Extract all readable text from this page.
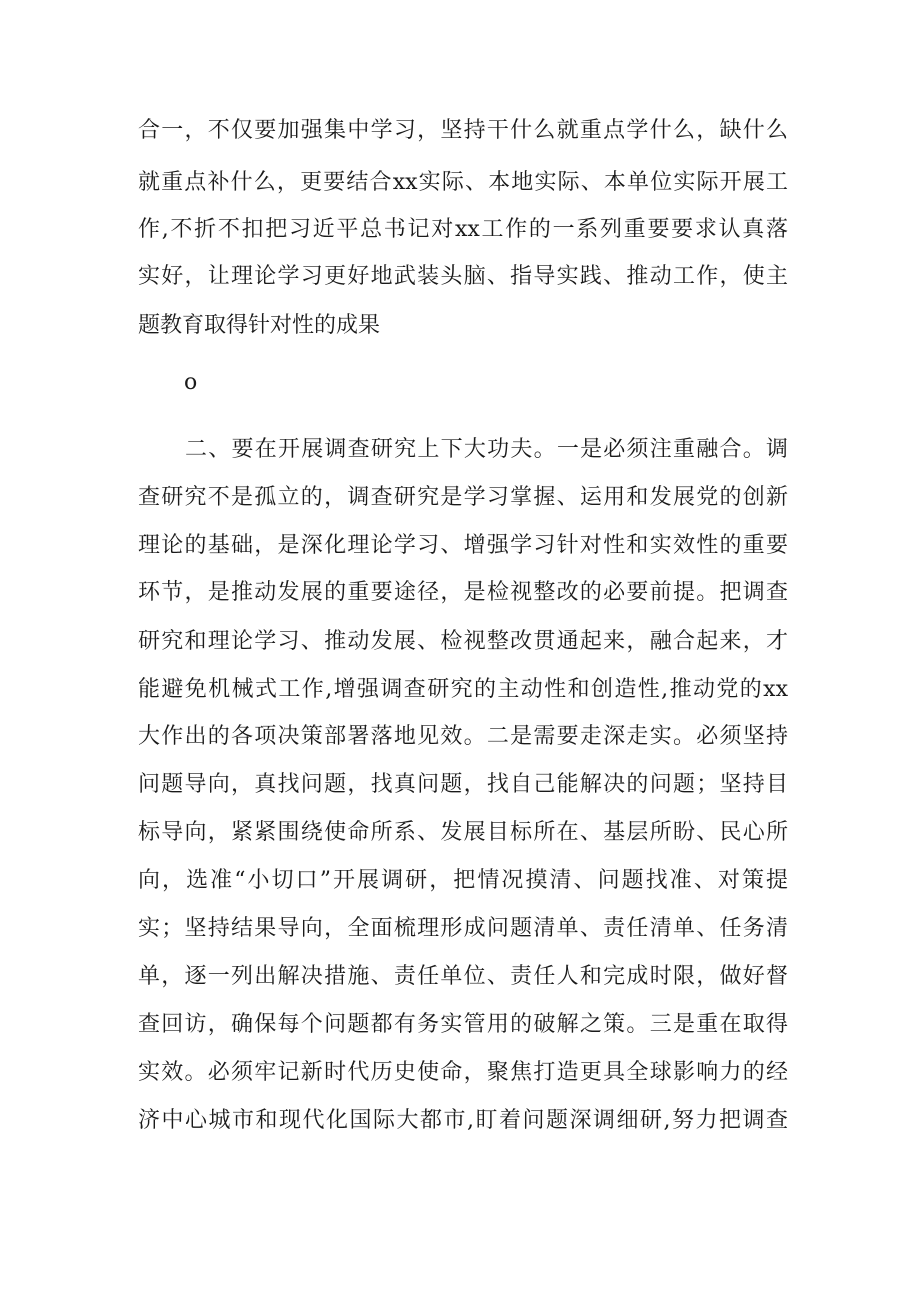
合一，不仅要加强集中学习，坚持干什么就重点学什么，缺什么
就重点补什么，更要结合xx实际、本地实际、本单位实际开展工
作,不折不扣把习近平总书记对xx工作的一系列重要要求认真落
实好，让理论学习更好地武装头脑、指导实践、推动工作，使主
题教育取得针对性的成果
o
二、要在开展调查研究上下大功夫。一是必须注重融合。调
查研究不是孤立的，调查研究是学习掌握、运用和发展党的创新
理论的基础，是深化理论学习、增强学习针对性和实效性的重要
环节，是推动发展的重要途径，是检视整改的必要前提。把调查
研究和理论学习、推动发展、检视整改贯通起来，融合起来，才
能避免机械式工作,增强调查研究的主动性和创造性,推动党的xx
大作出的各项决策部署落地见效。二是需要走深走实。必须坚持
问题导向，真找问题，找真问题，找自己能解决的问题；坚持目
标导向，紧紧围绕使命所系、发展目标所在、基层所盼、民心所
向，选准“小切口”开展调研，把情况摸清、问题找准、对策提
实；坚持结果导向，全面梳理形成问题清单、责任清单、任务清
单，逐一列出解决措施、责任单位、责任人和完成时限，做好督
查回访，确保每个问题都有务实管用的破解之策。三是重在取得
实效。必须牢记新时代历史使命，聚焦打造更具全球影响力的经
济中心城市和现代化国际大都市,盯着问题深调细研,努力把调查
